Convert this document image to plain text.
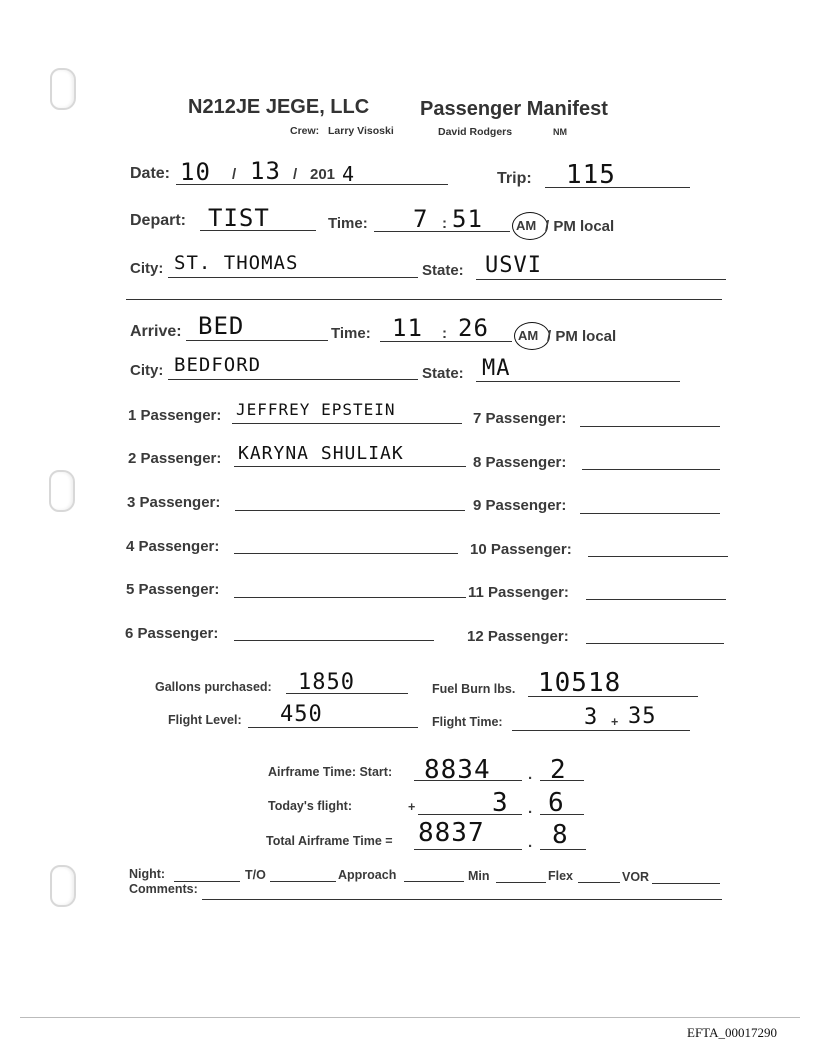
N212JE JEGE, LLC	Passenger Manifest
Crew: Larry Visoski	David Rodgers	NM
Date: 10 / 13 / 201 4	Trip: 115
Depart: TIST	Time: 7 : 51	AM / PM local
City: ST. THOMAS	State: USVI
Arrive: BED	Time: 11 : 26 AM / PM local
City: BEDFORD	State: MA
1 Passenger: JEFFREY EPSTEIN
2 Passenger: KARYNA SHULIAK
3 Passenger:
4 Passenger:
5 Passenger:
6 Passenger:
7 Passenger:
8 Passenger:
9 Passenger:
10 Passenger:
11 Passenger:
12 Passenger:
Gallons purchased: 1850	Fuel Burn lbs. 10518
Flight Level: 450	Flight Time:	3 + 35
Airframe Time: Start: 8834 . 2
Today's flight:	+	3 . 6
Total Airframe Time = 8837	. 8
Night:	T/O	Approach	Min	Flex	VOR
Comments:
EFTA_00017290
